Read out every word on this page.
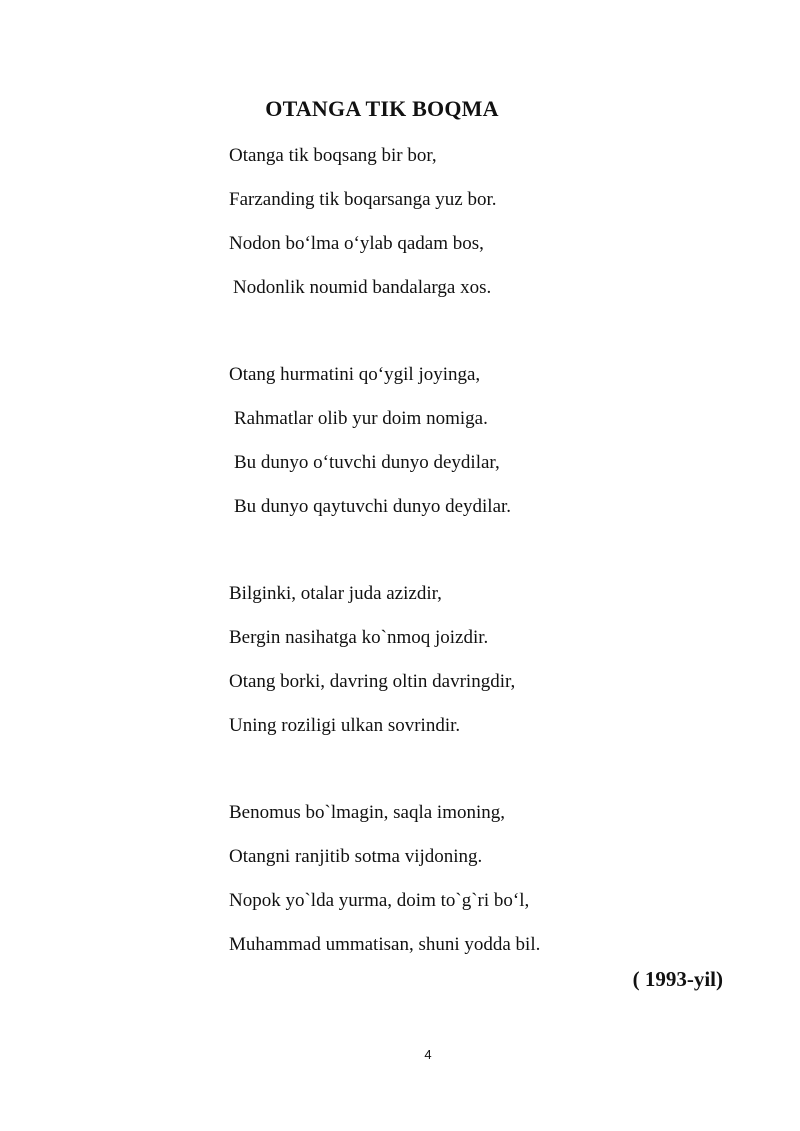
OTANGA TIK BOQMA
Otanga tik boqsang bir bor,
Farzanding tik boqarsanga yuz bor.
Nodon bo‘lma o‘ylab qadam bos,
Nodonlik noumid bandalarga xos.
Otang hurmatini qo‘ygil joyinga,
Rahmatlar olib yur doim nomiga.
Bu dunyo o‘tuvchi dunyo deydilar,
Bu dunyo qaytuvchi dunyo deydilar.
Bilginki, otalar juda azizdir,
Bergin nasihatga ko`nmoq joizdir.
Otang borki, davring oltin davringdir,
Uning roziligi ulkan sovrindir.
Benomus bo`lmagin, saqla imoning,
Otangni ranjitib sotma vijdoning.
Nopok yo`lda yurma, doim to`g`ri bo‘l,
Muhammad ummatisan, shuni yodda bil.

( 1993-yil)

4
